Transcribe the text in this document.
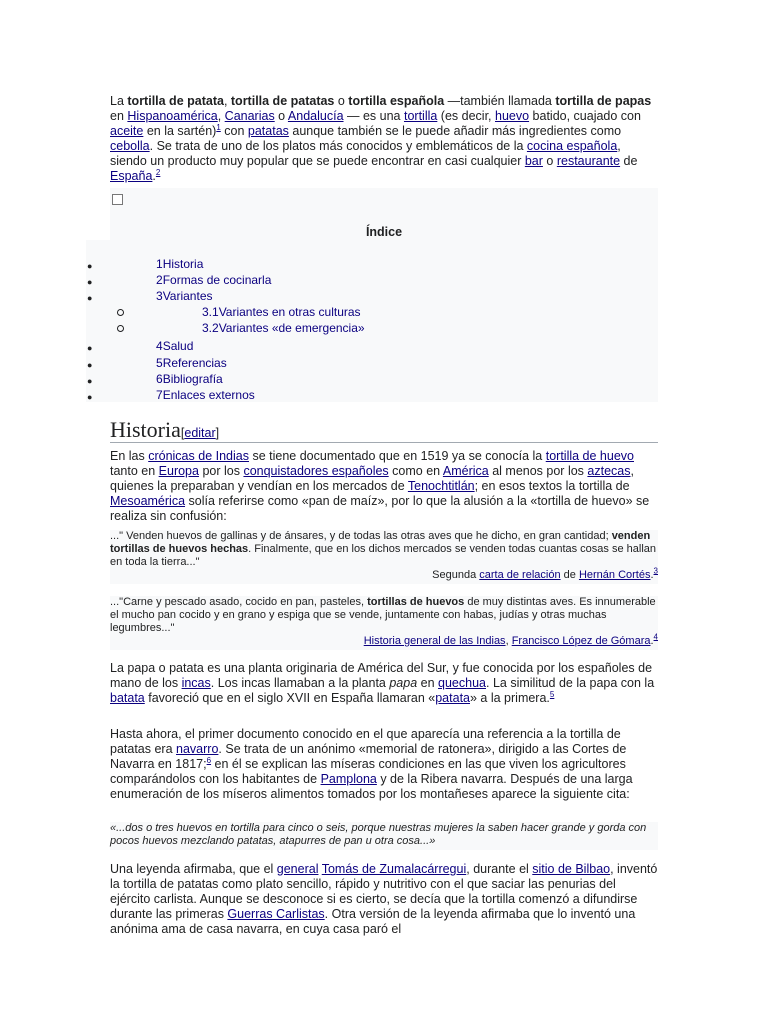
La tortilla de patata, tortilla de patatas o tortilla española —también llamada tortilla de papas en Hispanoamérica, Canarias o Andalucía — es una tortilla (es decir, huevo batido, cuajado con aceite en la sartén)$^1$ con patatas aunque también se le puede añadir más ingredientes como cebolla. Se trata de uno de los platos más conocidos y emblemáticos de la cocina española, siendo un producto muy popular que se puede encontrar en casi cualquier bar o restaurante de España.$^2$

Índice
●	1Historia
●	2Formas de cocinarla
●	3Variantes
3.1Variantes en otras culturas
3.2Variantes «de emergencia»
●	4Salud
●	5Referencias
●	6Bibliografía
●	7Enlaces externos
Historia[editar]

En las crónicas de Indias se tiene documentado que en 1519 ya se conocía la tortilla de huevo tanto en Europa por los conquistadores españoles como en América al menos por los aztecas, quienes la preparaban y vendían en los mercados de Tenochtitlán; en esos textos la tortilla de Mesoamérica solía referirse como «pan de maíz», por lo que la alusión a la «tortilla de huevo» se realiza sin confusión:

..." Venden huevos de gallinas y de ánsares, y de todas las otras aves que he dicho, en gran cantidad; venden tortillas de huevos hechas. Finalmente, que en los dichos mercados se venden todas cuantas cosas se hallan en toda la tierra..."
Segunda carta de relación de Hernán Cortés.$^3$
..."Carne y pescado asado, cocido en pan, pasteles, tortillas de huevos de muy distintas aves. Es innumerable el mucho pan cocido y en grano y espiga que se vende, juntamente con habas, judías y otras muchas legumbres..."
Historia general de las Indias, Francisco López de Gómara.$^4$

La papa o patata es una planta originaria de América del Sur, y fue conocida por los españoles de mano de los incas. Los incas llamaban a la planta papa en quechua. La similitud de la papa con la batata favoreció que en el siglo XVII en España llamaran «patata» a la primera.$^5$

Hasta ahora, el primer documento conocido en el que aparecía una referencia a la tortilla de patatas era navarro. Se trata de un anónimo «memorial de ratonera», dirigido a las Cortes de Navarra en 1817;$^6$ en él se explican las míseras condiciones en las que viven los agricultores comparándolos con los habitantes de Pamplona y de la Ribera navarra. Después de una larga enumeración de los míseros alimentos tomados por los montañeses aparece la siguiente cita:

«...dos o tres huevos en tortilla para cinco o seis, porque nuestras mujeres la saben hacer grande y gorda con pocos huevos mezclando patatas, atapurres de pan u otra cosa...»

Una leyenda afirmaba, que el general Tomás de Zumalacárregui, durante el sitio de Bilbao, inventó la tortilla de patatas como plato sencillo, rápido y nutritivo con el que saciar las penurias del ejército carlista. Aunque se desconoce si es cierto, se decía que la tortilla comenzó a difundirse durante las primeras Guerras Carlistas. Otra versión de la leyenda afirmaba que lo inventó una anónima ama de casa navarra, en cuya casa paró el
